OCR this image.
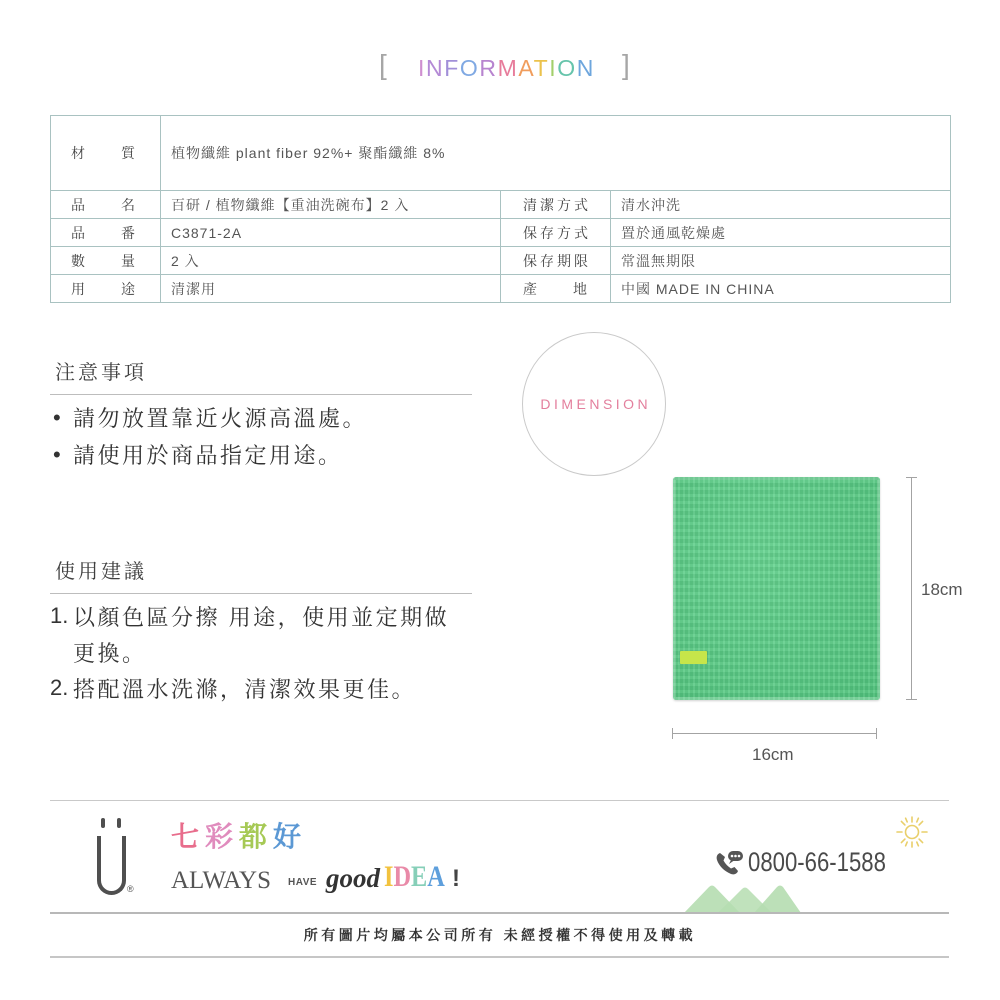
[ INFORMATION ]
材 質	植物纖維 plant fiber 92%+ 聚酯纖維 8%		
品 名	百研 / 植物纖維【重油洗碗布】2 入	清潔方式	清水沖洗
品 番	C3871-2A	保存方式	置於通風乾燥處
數 量	2 入	保存期限	常溫無期限
用 途	清潔用	產 地	中國 MADE IN CHINA
注意事項
• 請勿放置靠近火源高溫處。
• 請使用於商品指定用途。
使用建議
1. 以顏色區分擦 用途，使用並定期做
更換。
2. 搭配溫水洗滌，清潔效果更佳。
DIMENSION
18cm
16cm
®
七彩都好
ALWAYS HAVE good IDEA !
0800-66-1588
所有圖片均屬本公司所有 未經授權不得使用及轉載
